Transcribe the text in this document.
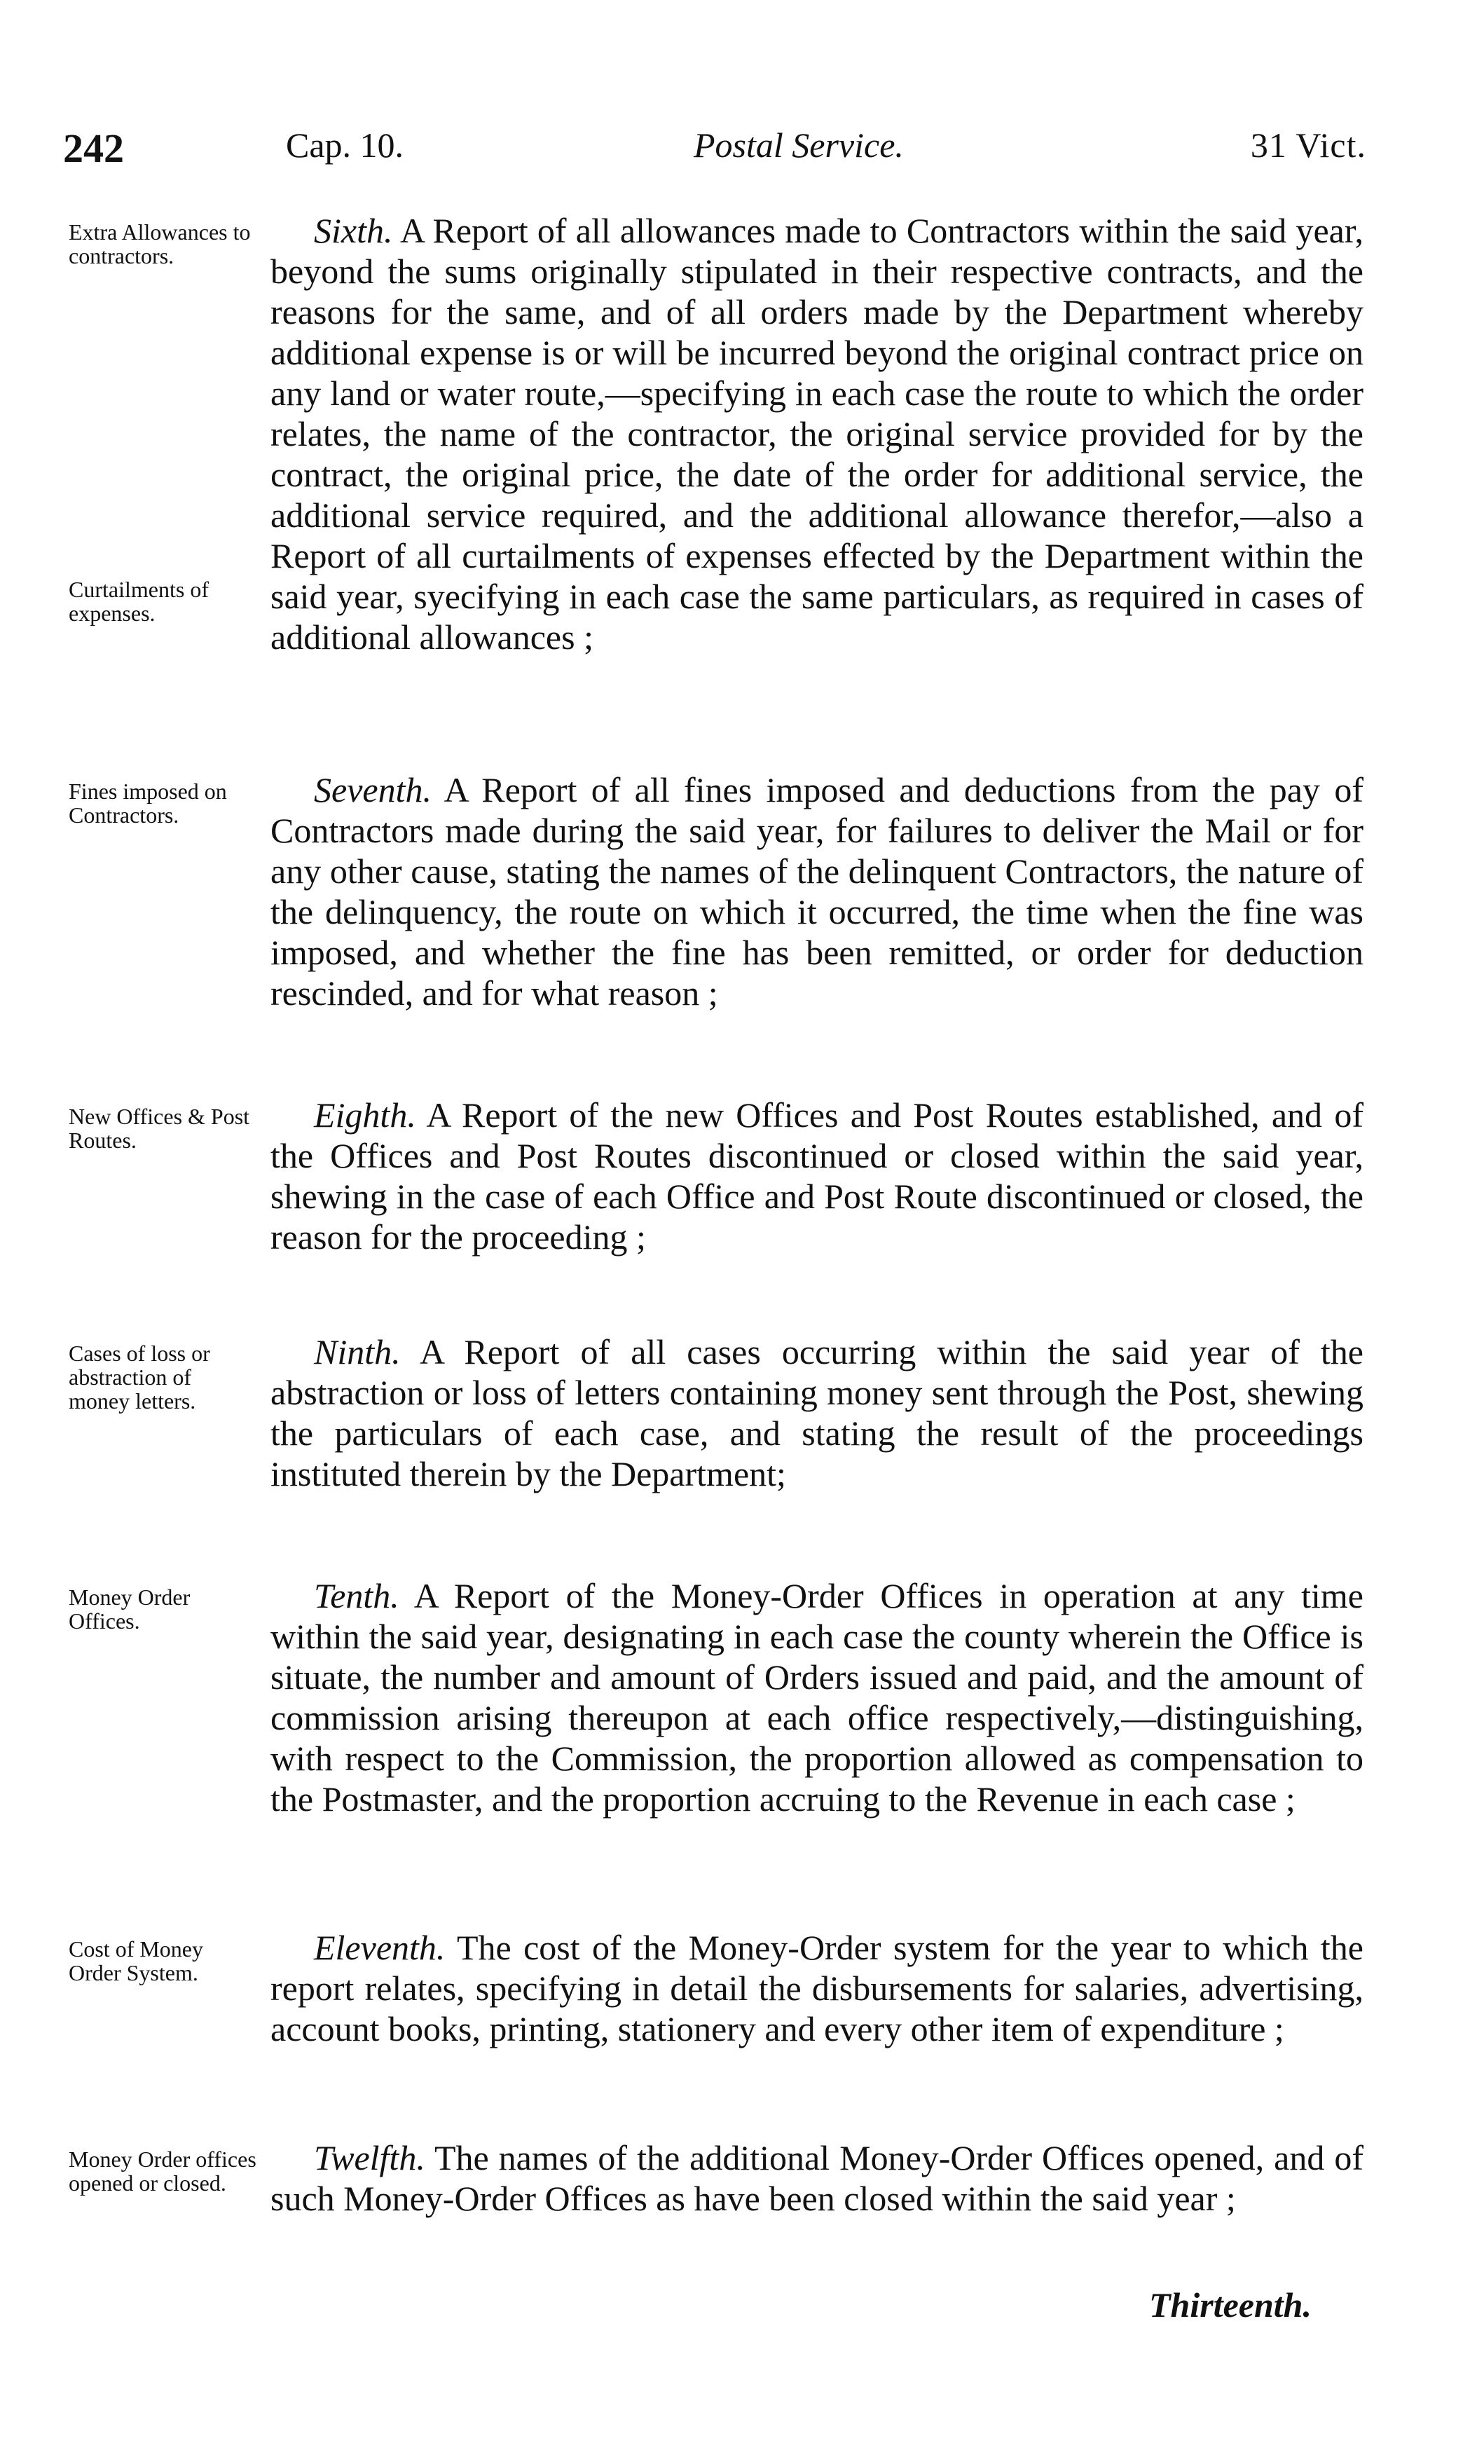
242	Cap. 10.	Postal Service.	31 Vict.
Extra Allowances to contractors.
Curtailments of expenses.
Sixth. A Report of all allowances made to Contractors within the said year, beyond the sums originally stipulated in their respective contracts, and the reasons for the same, and of all orders made by the Department whereby additional expense is or will be incurred beyond the original contract price on any land or water route,—specifying in each case the route to which the order relates, the name of the contractor, the original service provided for by the contract, the original price, the date of the order for additional service, the additional service required, and the additional allowance therefor,—also a Report of all curtailments of expenses effected by the Department within the said year, syecifying in each case the same particulars, as required in cases of additional allowances ;
Fines imposed on Contractors.
Seventh. A Report of all fines imposed and deductions from the pay of Contractors made during the said year, for failures to deliver the Mail or for any other cause, stating the names of the delinquent Contractors, the nature of the delinquency, the route on which it occurred, the time when the fine was imposed, and whether the fine has been remitted, or order for deduction rescinded, and for what reason ;
New Offices & Post Routes.
Eighth. A Report of the new Offices and Post Routes established, and of the Offices and Post Routes discontinued or closed within the said year, shewing in the case of each Office and Post Route discontinued or closed, the reason for the proceeding ;
Cases of loss or abstraction of money letters.
Ninth. A Report of all cases occurring within the said year of the abstraction or loss of letters containing money sent through the Post, shewing the particulars of each case, and stating the result of the proceedings instituted therein by the Department;
Money Order Offices.
Tenth. A Report of the Money-Order Offices in operation at any time within the said year, designating in each case the county wherein the Office is situate, the number and amount of Orders issued and paid, and the amount of commission arising thereupon at each office respectively,—distinguishing, with respect to the Commission, the proportion allowed as compensation to the Postmaster, and the proportion accruing to the Revenue in each case ;
Cost of Money Order System.
Eleventh. The cost of the Money-Order system for the year to which the report relates, specifying in detail the disbursements for salaries, advertising, account books, printing, stationery and every other item of expenditure ;
Money Order offices opened or closed.
Twelfth. The names of the additional Money-Order Offices opened, and of such Money-Order Offices as have been closed within the said year ;
Thirteenth.
